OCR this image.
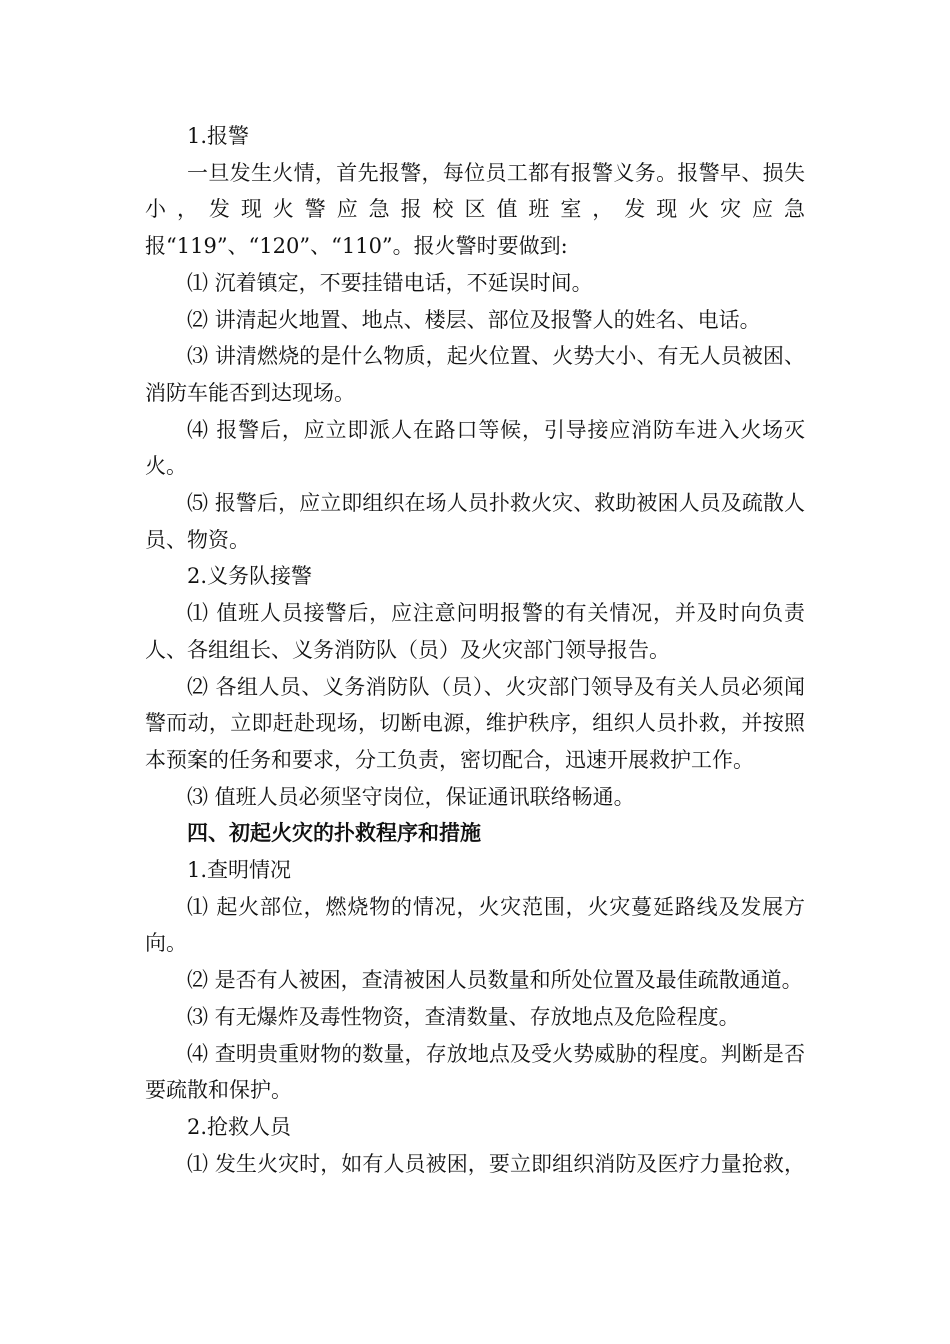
1.报警

一旦发生火情，首先报警，每位员工都有报警义务。报警早、损失小，发现火警应急报校区值班室，发现火灾应急报“119”、“120”、“110”。报火警时要做到:

⑴ 沉着镇定，不要挂错电话，不延误时间。

⑵ 讲清起火地置、地点、楼层、部位及报警人的姓名、电话。

⑶ 讲清燃烧的是什么物质，起火位置、火势大小、有无人员被困、消防车能否到达现场。

⑷ 报警后，应立即派人在路口等候，引导接应消防车进入火场灭火。

⑸ 报警后，应立即组织在场人员扑救火灾、救助被困人员及疏散人员、物资。

2.义务队接警

⑴ 值班人员接警后，应注意问明报警的有关情况，并及时向负责人、各组组长、义务消防队（员）及火灾部门领导报告。

⑵ 各组人员、义务消防队（员）、火灾部门领导及有关人员必须闻警而动，立即赶赴现场，切断电源，维护秩序，组织人员扑救，并按照本预案的任务和要求，分工负责，密切配合，迅速开展救护工作。

⑶ 值班人员必须坚守岗位，保证通讯联络畅通。

四、初起火灾的扑救程序和措施

1.查明情况

⑴ 起火部位，燃烧物的情况，火灾范围，火灾蔓延路线及发展方向。

⑵ 是否有人被困，查清被困人员数量和所处位置及最佳疏散通道。

⑶ 有无爆炸及毒性物资，查清数量、存放地点及危险程度。

⑷ 查明贵重财物的数量，存放地点及受火势威胁的程度。判断是否要疏散和保护。

2.抢救人员

⑴ 发生火灾时，如有人员被困，要立即组织消防及医疗力量抢救，
